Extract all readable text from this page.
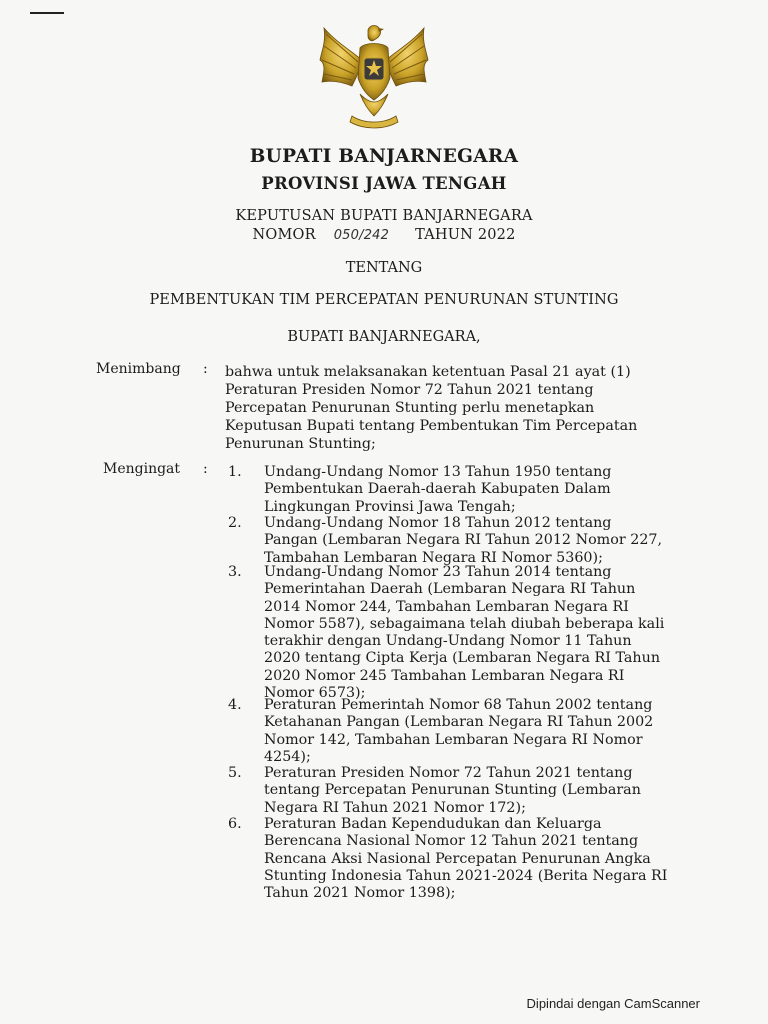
BUPATI BANJARNEGARA
PROVINSI JAWA TENGAH
KEPUTUSAN BUPATI BANJARNEGARA
NOMOR 050/242 TAHUN 2022
TENTANG
PEMBENTUKAN TIM PERCEPATAN PENURUNAN STUNTING
BUPATI BANJARNEGARA,
Menimbang : bahwa untuk melaksanakan ketentuan Pasal 21 ayat (1)
Peraturan Presiden Nomor 72 Tahun 2021 tentang
Percepatan Penurunan Stunting perlu menetapkan
Keputusan Bupati tentang Pembentukan Tim Percepatan
Penurunan Stunting;
Mengingat : 1.	Undang-Undang Nomor 13 Tahun 1950 tentang
Pembentukan Daerah-daerah Kabupaten Dalam
Lingkungan Provinsi Jawa Tengah;
2.	Undang-Undang Nomor 18 Tahun 2012 tentang
Pangan (Lembaran Negara RI Tahun 2012 Nomor 227,
Tambahan Lembaran Negara RI Nomor 5360);
3.	Undang-Undang Nomor 23 Tahun 2014 tentang
Pemerintahan Daerah (Lembaran Negara RI Tahun
2014 Nomor 244, Tambahan Lembaran Negara RI
Nomor 5587), sebagaimana telah diubah beberapa kali
terakhir dengan Undang-Undang Nomor 11 Tahun
2020 tentang Cipta Kerja (Lembaran Negara RI Tahun
2020 Nomor 245 Tambahan Lembaran Negara RI
Nomor 6573);
4.	Peraturan Pemerintah Nomor 68 Tahun 2002 tentang
Ketahanan Pangan (Lembaran Negara RI Tahun 2002
Nomor 142, Tambahan Lembaran Negara RI Nomor
4254);
5.	Peraturan Presiden Nomor 72 Tahun 2021 tentang
tentang Percepatan Penurunan Stunting (Lembaran
Negara RI Tahun 2021 Nomor 172);
6.	Peraturan Badan Kependudukan dan Keluarga
Berencana Nasional Nomor 12 Tahun 2021 tentang
Rencana Aksi Nasional Percepatan Penurunan Angka
Stunting Indonesia Tahun 2021-2024 (Berita Negara RI
Tahun 2021 Nomor 1398);
Dipindai dengan CamScanner
